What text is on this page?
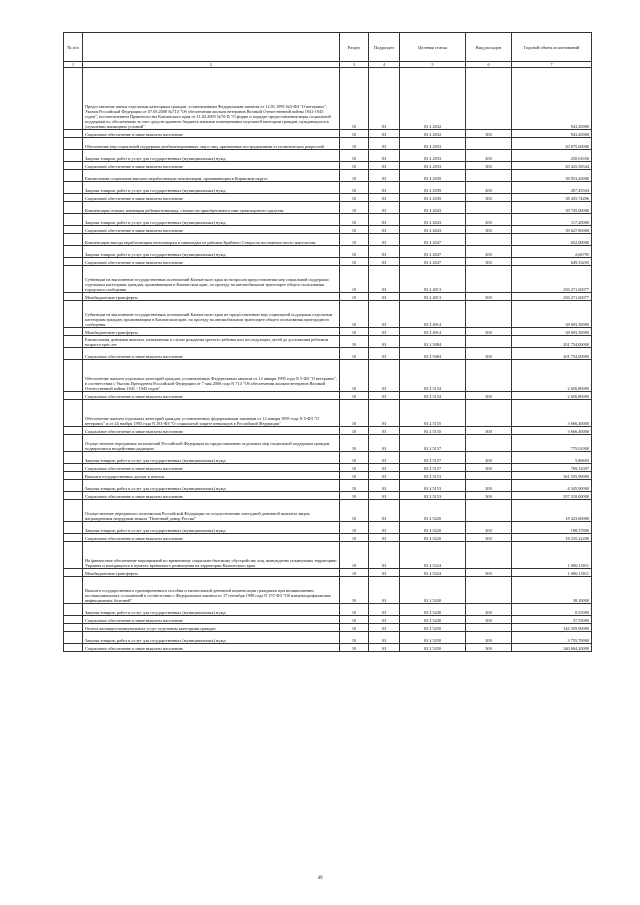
№ п/п		Раздел	Подраздел	Целевая статья	Вид расходов	Годовой объем ассигнований
1	2	3	4	5	6	7
	Предоставление жилья отдельным категориям граждан, установленным Федеральным законом от 12.01.1995 №5-ФЗ "О ветеранах", Указом Российской Федерации от 07.05.2008 №714 "Об обеспечении жильем ветеранов Великой Отечественной войны 1941-1945 годов", постановлением Правительства Камчатского края от 11.02.2009 №70-П "О форме и порядке предоставления меры социальной поддержки по обеспечению за счет средств краевого бюджета жилыми помещениями отдельной категории граждан, нуждающихся в улучшении жилищных условий"	10	03	03 2 2032		943,20000
	Социальное обеспечение и иные выплаты населению	10	03	03 2 2032	300	943,20000
	Обеспечение мер социальной поддержки реабилитированных лиц и лиц, признанных пострадавшими от политических репрессий	10	03	03 2 2033		20 675,60000
	Закупка товаров, работ и услуг для государственных (муниципальных) нужд	10	03	03 2 2033	200	250,01656
	Социальное обеспечение и иные выплаты населению	10	03	03 2 2033	300	20 425,58344
	Ежемесячная социальная выплата неработающим пенсионерам, проживающим в Корякском округе	10	03	03 2 2039		38 953,20000
	Закупка товаров, работ и услуг для государственных (муниципальных) нужд	10	03	03 2 2039	200	497,45504
	Социальное обеспечение и иные выплаты населению	10	03	03 2 2039	300	38 455,74496
	Компенсация семьям, имеющим ребенка-инвалида, стоимости приобретаемого ими транспортного средства	10	03	03 2 2043		39 745,00000
	Закупка товаров, работ и услуг для государственных (муниципальных) нужд	10	03	03 2 2043	200	117,20000
	Социальное обеспечение и иные выплаты населению	10	03	03 2 2043	300	39 627,80000
	Компенсация выезда неработающим пенсионерам и инвалидам из районов Крайнего Севера на постоянное место жительства	10	03	03 2 2047		652,00000
	Закупка товаров, работ и услуг для государственных (муниципальных) нужд	10	03	03 2 2047	200	2,66795
	Социальное обеспечение и иные выплаты населению	10	03	03 2 2047	300	649,33205
	Субвенции на выполнение государственных полномочий Камчатского края по вопросам предоставления мер социальной поддержки отдельным категориям граждан, проживающим в Камчатском крае, по проезду на автомобильном транспорте общего пользования городского сообщения	10	03	03 2 4013		256 271,60077
	Межбюджетные трансферты	10	03	03 2 4013	500	256 271,60077
	Субвенции на выполнение государственных полномочий Камчатского края по предоставлению мер социальной поддержки отдельным категориям граждан, проживающим в Камчатском крае, по проезду на автомобильном транспорте общего пользования пригородного сообщения	10	03	03 2 4014		38 693,30000
	Межбюджетные трансферты	10	03	03 2 4014	500	38 693,30000
	Ежемесячная денежная выплата, назначаемая в случае рождения третьего ребенка или последующих детей до достижения ребенком возраста трех лет	10	03	03 2 5084		201 754,00000
	Социальное обеспечение и иные выплаты населению	10	03	03 2 5084	300	201 754,00000
	Обеспечение жильем отдельных категорий граждан, установленных Федеральным законом от 12 января 1995 года N 5-ФЗ "О ветеранах", в соответствии с Указом Президента Российской Федерации от 7 мая 2008 года N 714 "Об обеспечении жильем ветеранов Великой Отечественной войны 1941 - 1945 годов"	10	03	03 2 5134		2 656,80000
	Социальное обеспечение и иные выплаты населению	10	03	03 2 5134	300	2 656,80000
	Обеспечение жильем отдельных категорий граждан, установленных федеральными законами от 12 января 1995 года N 5-ФЗ "О ветеранах" и от 24 ноября 1995 года N 181-ФЗ "О социальной защите инвалидов в Российской Федерации"	10	03	03 2 5135		3 666,40000
	Социальное обеспечение и иные выплаты населению	10	03	03 2 5135	300	3 666,40000
	Осуществление переданных полномочий Российской Федерации по предоставлению отдельных мер социальной поддержки граждан, подвергшихся воздействию радиации	10	03	03 2 5137		775,01000
	Закупка товаров, работ и услуг для государственных (муниципальных) нужд	10	03	03 2 5137	200	5,86603
	Социальное обеспечение и иные выплаты населению	10	03	03 2 5137	300	769,14397
	Выплата государственных доплат к пенсии	10	03	03 2 5153		361 555,90000
	Закупка товаров, работ и услуг для государственных (муниципальных) нужд	10	03	03 2 5153	200	4 345,90000
	Социальное обеспечение и иные выплаты населению	10	03	03 2 5153	300	357 210,00000
	Осуществление переданного полномочия Российской Федерации по осуществлению ежегодной денежной выплаты лицам, награжденным нагрудным знаком "Почетный донор России"	10	03	03 2 5220		18 423,60000
	Закупка товаров, работ и услуг для государственных (муниципальных) нужд	10	03	03 2 5220	200	188,37800
	Социальное обеспечение и иные выплаты населению	10	03	03 2 5220	300	18 235,22200
	На финансовое обеспечение мероприятий по временному социально-бытовому обустройству лиц, вынужденно покинувших территорию Украины и находящихся в пунктах временного размещения на территории Камчатского края	10	03	03 2 5224		1 686,15011
	Межбюджетные трансферты	10	03	03 2 5224	500	1 686,15011
	Выплата государственного единовременного пособия и ежемесячной денежной компенсации гражданам при возникновении поствакцинальных осложнений в соответствии с Федеральным законом от 17 сентября 1998 года N 157-ФЗ "Об иммунопрофилактике инфекционных болезней"	10	03	03 2 5240		38,10000
	Закупка товаров, работ и услуг для государственных (муниципальных) нужд	10	03	03 2 5240	200	0,55000
	Социальное обеспечение и иные выплаты населению	10	03	03 2 5240	300	37,55000
	Оплата жилищно-коммунальных услуг отдельным категориям граждан	10	03	03 2 5250		344 359,90000
	Закупка товаров, работ и услуг для государственных (муниципальных) нужд	10	03	03 2 5250	200	3 755,70000
	Социальное обеспечение и иные выплаты населению	10	03	03 2 5250	300	340 604,20000
49
